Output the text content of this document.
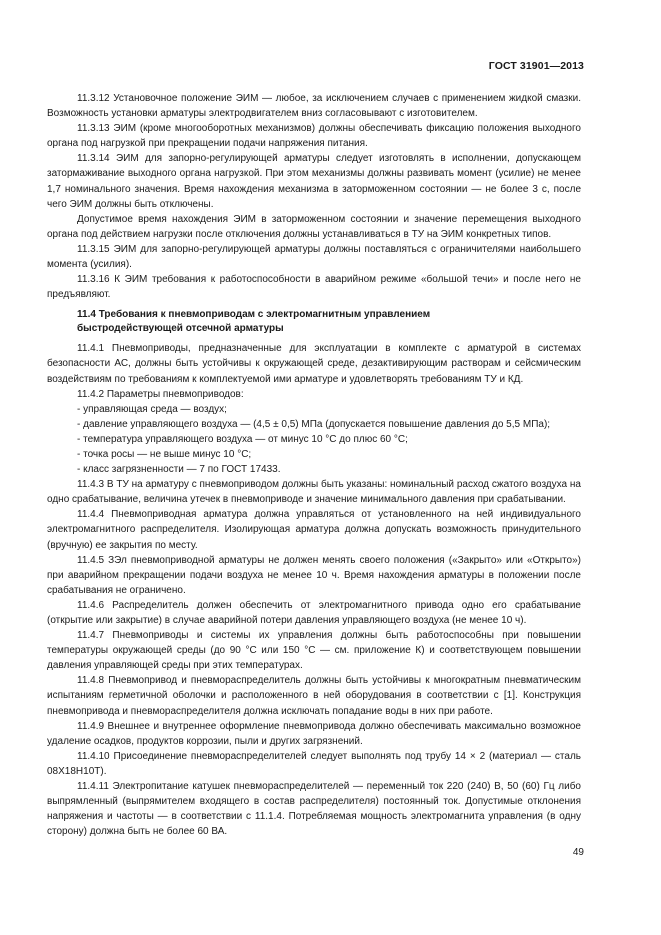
ГОСТ 31901—2013

11.3.12 Установочное положение ЭИМ — любое, за исключением случаев с применением жидкой смазки. Возможность установки арматуры электродвигателем вниз согласовывают с изготовителем.

11.3.13 ЭИМ (кроме многооборотных механизмов) должны обеспечивать фиксацию положения выходного органа под нагрузкой при прекращении подачи напряжения питания.

11.3.14 ЭИМ для запорно-регулирующей арматуры следует изготовлять в исполнении, допускающем затормаживание выходного органа нагрузкой. При этом механизмы должны развивать момент (усилие) не менее 1,7 номинального значения. Время нахождения механизма в заторможенном состоянии — не более 3 с, после чего ЭИМ должны быть отключены.

Допустимое время нахождения ЭИМ в заторможенном состоянии и значение перемещения выходного органа под действием нагрузки после отключения должны устанавливаться в ТУ на ЭИМ конкретных типов.

11.3.15 ЭИМ для запорно-регулирующей арматуры должны поставляться с ограничителями наибольшего момента (усилия).

11.3.16 К ЭИМ требования к работоспособности в аварийном режиме «большой течи» и после него не предъявляют.

11.4 Требования к пневмоприводам с электромагнитным управлением
быстродействующей отсечной арматуры

11.4.1 Пневмоприводы, предназначенные для эксплуатации в комплекте с арматурой в системах безопасности АС, должны быть устойчивы к окружающей среде, дезактивирующим растворам и сейсмическим воздействиям по требованиям к комплектуемой ими арматуре и удовлетворять требованиям ТУ и КД.

11.4.2 Параметры пневмоприводов:

- управляющая среда — воздух;

- давление управляющего воздуха — (4,5 ± 0,5) МПа (допускается повышение давления до 5,5 МПа);

- температура управляющего воздуха — от минус 10 °C до плюс 60 °C;

- точка росы — не выше минус 10 °C;

- класс загрязненности — 7 по ГОСТ 17433.

11.4.3 В ТУ на арматуру с пневмоприводом должны быть указаны: номинальный расход сжатого воздуха на одно срабатывание, величина утечек в пневмоприводе и значение минимального давления при срабатывании.

11.4.4 Пневмоприводная арматура должна управляться от установленного на ней индивидуального электромагнитного распределителя. Изолирующая арматура должна допускать возможность принудительного (вручную) ее закрытия по месту.

11.4.5 ЗЭл пневмоприводной арматуры не должен менять своего положения («Закрыто» или «Открыто») при аварийном прекращении подачи воздуха не менее 10 ч. Время нахождения арматуры в положении после срабатывания не ограничено.

11.4.6 Распределитель должен обеспечить от электромагнитного привода одно его срабатывание (открытие или закрытие) в случае аварийной потери давления управляющего воздуха (не менее 10 ч).

11.4.7 Пневмоприводы и системы их управления должны быть работоспособны при повышении температуры окружающей среды (до 90 °C или 150 °C — см. приложение К) и соответствующем повышении давления управляющей среды при этих температурах.

11.4.8 Пневмопривод и пневмораспределитель должны быть устойчивы к многократным пневматическим испытаниям герметичной оболочки и расположенного в ней оборудования в соответствии с [1]. Конструкция пневмопривода и пневмораспределителя должна исключать попадание воды в них при работе.

11.4.9 Внешнее и внутреннее оформление пневмопривода должно обеспечивать максимально возможное удаление осадков, продуктов коррозии, пыли и других загрязнений.

11.4.10 Присоединение пневмораспределителей следует выполнять под трубу 14 × 2 (материал — сталь 08Х18Н10Т).

11.4.11 Электропитание катушек пневмораспределителей — переменный ток 220 (240) В, 50 (60) Гц либо выпрямленный (выпрямителем входящего в состав распределителя) постоянный ток. Допустимые отклонения напряжения и частоты — в соответствии с 11.1.4. Потребляемая мощность электромагнита управления (в одну сторону) должна быть не более 60 ВА.

49
